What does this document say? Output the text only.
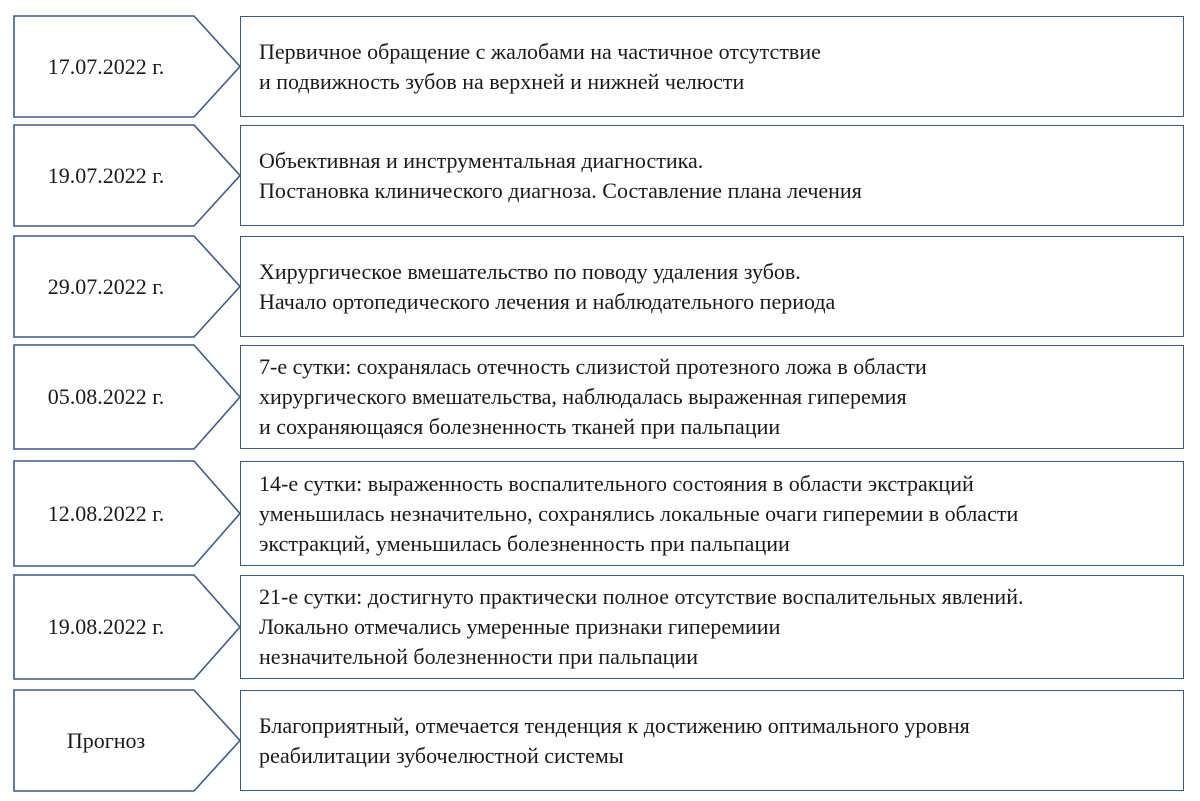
17.07.2022 г.
Первичное обращение с жалобами на частичное отсутствие
и подвижность зубов на верхней и нижней челюсти
19.07.2022 г.
Объективная и инструментальная диагностика.
Постановка клинического диагноза. Составление плана лечения
29.07.2022 г.
Хирургическое вмешательство по поводу удаления зубов.
Начало ортопедического лечения и наблюдательного периода
05.08.2022 г.
7-е сутки: сохранялась отечность слизистой протезного ложа в области
хирургического вмешательства, наблюдалась выраженная гиперемия
и сохраняющаяся болезненность тканей при пальпации
12.08.2022 г.
14-е сутки: выраженность воспалительного состояния в области экстракций
уменьшилась незначительно, сохранялись локальные очаги гиперемии в области
экстракций, уменьшилась болезненность при пальпации
19.08.2022 г.
21-е сутки: достигнуто практически полное отсутствие воспалительных явлений.
Локально отмечались умеренные признаки гиперемиии
незначительной болезненности при пальпации
Прогноз
Благоприятный, отмечается тенденция к достижению оптимального уровня
реабилитации зубочелюстной системы
